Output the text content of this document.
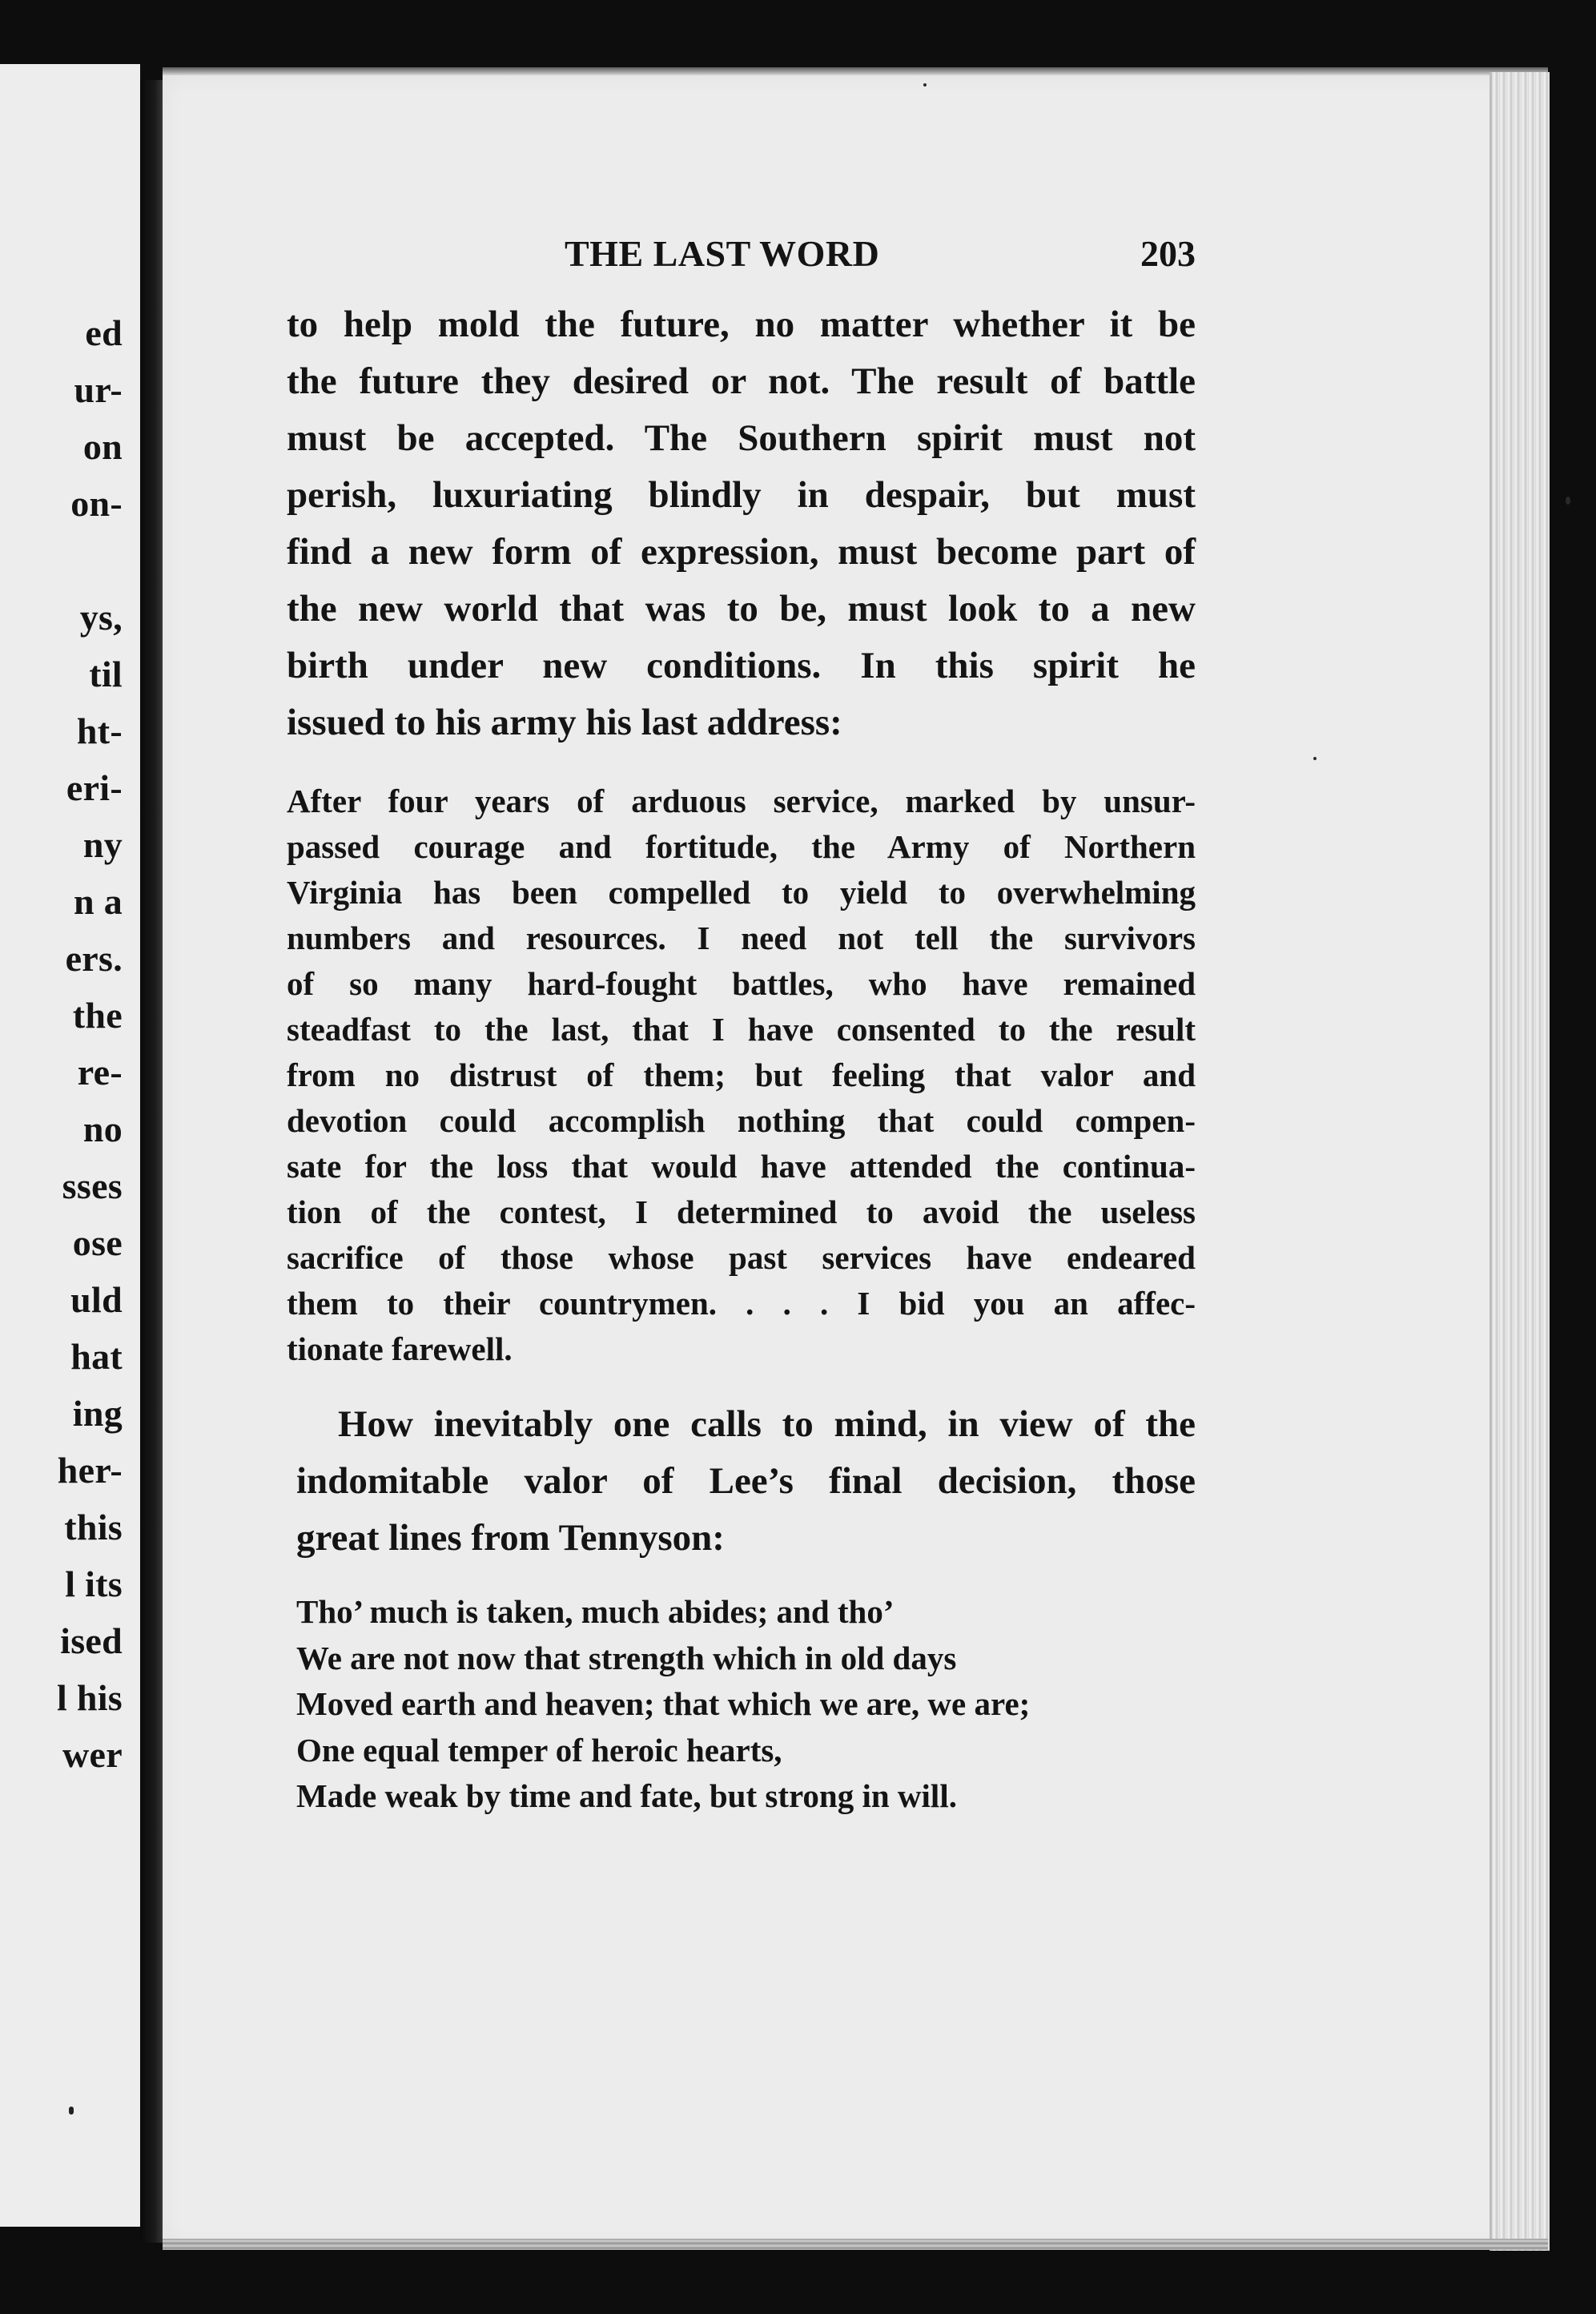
ed
ur-
on
on-
ys,
til
ht-
eri-
ny
n a
ers.
the
re-
no
sses
ose
uld
hat
ing
her-
this
l its
ised
l his
wer
THE LAST WORD	203
to help mold the future, no matter whether it be
the future they desired or not. The result of battle
must be accepted. The Southern spirit must not
perish, luxuriating blindly in despair, but must
find a new form of expression, must become part of
the new world that was to be, must look to a new
birth under new conditions. In this spirit he
issued to his army his last address:
After four years of arduous service, marked by unsur-
passed courage and fortitude, the Army of Northern
Virginia has been compelled to yield to overwhelming
numbers and resources. I need not tell the survivors
of so many hard-fought battles, who have remained
steadfast to the last, that I have consented to the result
from no distrust of them; but feeling that valor and
devotion could accomplish nothing that could compen-
sate for the loss that would have attended the continua-
tion of the contest, I determined to avoid the useless
sacrifice of those whose past services have endeared
them to their countrymen. . . . I bid you an affec-
tionate farewell.
How inevitably one calls to mind, in view of the
indomitable valor of Lee’s final decision, those
great lines from Tennyson:
Tho’ much is taken, much abides; and tho’
We are not now that strength which in old days
Moved earth and heaven; that which we are, we are;
One equal temper of heroic hearts,
Made weak by time and fate, but strong in will.
